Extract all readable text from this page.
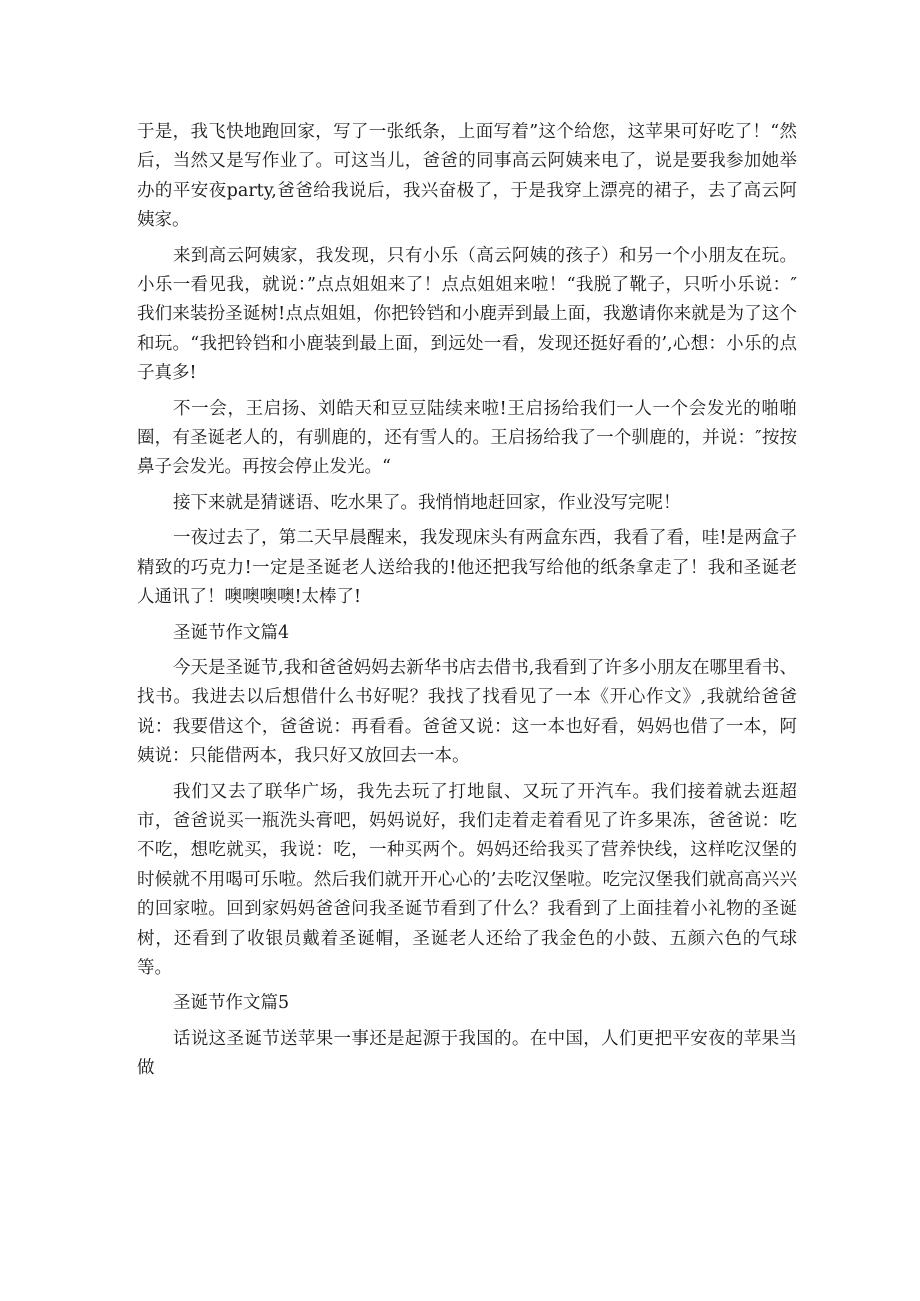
于是，我飞快地跑回家，写了一张纸条，上面写着”这个给您，这苹果可好吃了！“然后，当然又是写作业了。可这当儿，爸爸的同事高云阿姨来电了，说是要我参加她举办的平安夜party,爸爸给我说后，我兴奋极了，于是我穿上漂亮的裙子，去了高云阿姨家。

来到高云阿姨家，我发现，只有小乐（高云阿姨的孩子）和另一个小朋友在玩。小乐一看见我，就说：”点点姐姐来了！点点姐姐来啦！“我脱了靴子，只听小乐说：″我们来装扮圣诞树!点点姐姐，你把铃铛和小鹿弄到最上面，我邀请你来就是为了这个和玩。“我把铃铛和小鹿装到最上面，到远处一看，发现还挺好看的’,心想：小乐的点子真多!

不一会，王启扬、刘皓天和豆豆陆续来啦!王启扬给我们一人一个会发光的啪啪圈，有圣诞老人的，有驯鹿的，还有雪人的。王启扬给我了一个驯鹿的，并说：″按按鼻子会发光。再按会停止发光。“

接下来就是猜谜语、吃水果了。我悄悄地赶回家，作业没写完呢！

一夜过去了，第二天早晨醒来，我发现床头有两盒东西，我看了看，哇!是两盒子精致的巧克力!一定是圣诞老人送给我的!他还把我写给他的纸条拿走了！我和圣诞老人通讯了！噢噢噢噢!太棒了!

圣诞节作文篇4

今天是圣诞节,我和爸爸妈妈去新华书店去借书,我看到了许多小朋友在哪里看书、找书。我进去以后想借什么书好呢？我找了找看见了一本《开心作文》,我就给爸爸说：我要借这个，爸爸说：再看看。爸爸又说：这一本也好看，妈妈也借了一本，阿姨说：只能借两本，我只好又放回去一本。

我们又去了联华广场，我先去玩了打地鼠、又玩了开汽车。我们接着就去逛超市，爸爸说买一瓶洗头膏吧，妈妈说好，我们走着走着看见了许多果冻，爸爸说：吃不吃，想吃就买，我说：吃，一种买两个。妈妈还给我买了营养快线，这样吃汉堡的时候就不用喝可乐啦。然后我们就开开心心的’去吃汉堡啦。吃完汉堡我们就高高兴兴的回家啦。回到家妈妈爸爸问我圣诞节看到了什么？我看到了上面挂着小礼物的圣诞树，还看到了收银员戴着圣诞帽，圣诞老人还给了我金色的小鼓、五颜六色的气球等。

圣诞节作文篇5

话说这圣诞节送苹果一事还是起源于我国的。在中国，人们更把平安夜的苹果当做
